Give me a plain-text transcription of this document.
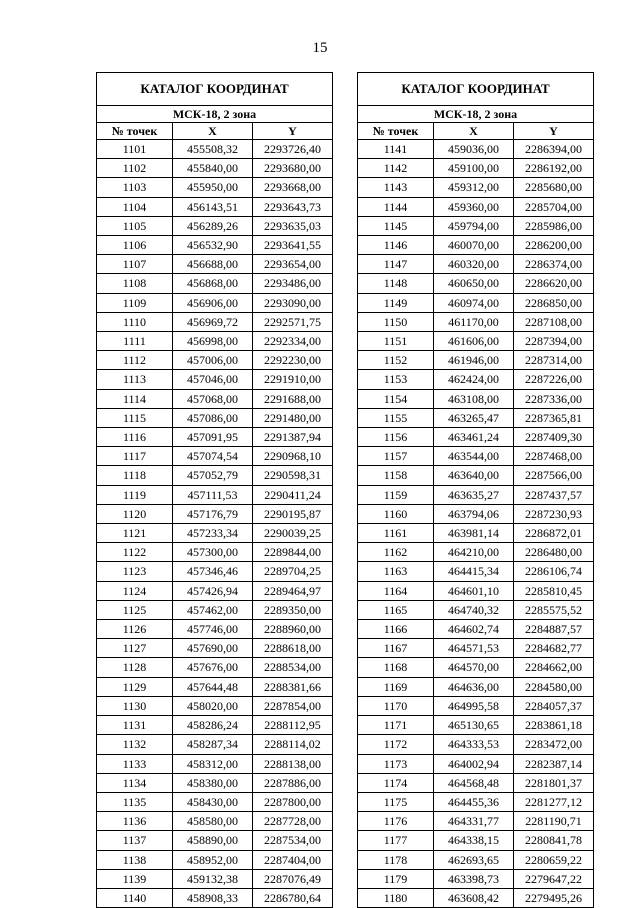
15
КАТАЛОГ КООРДИНАТ		
МСК-18, 2 зона		
№ точек	X	Y
1101	455508,32	2293726,40
1102	455840,00	2293680,00
1103	455950,00	2293668,00
1104	456143,51	2293643,73
1105	456289,26	2293635,03
1106	456532,90	2293641,55
1107	456688,00	2293654,00
1108	456868,00	2293486,00
1109	456906,00	2293090,00
1110	456969,72	2292571,75
1111	456998,00	2292334,00
1112	457006,00	2292230,00
1113	457046,00	2291910,00
1114	457068,00	2291688,00
1115	457086,00	2291480,00
1116	457091,95	2291387,94
1117	457074,54	2290968,10
1118	457052,79	2290598,31
1119	457111,53	2290411,24
1120	457176,79	2290195,87
1121	457233,34	2290039,25
1122	457300,00	2289844,00
1123	457346,46	2289704,25
1124	457426,94	2289464,97
1125	457462,00	2289350,00
1126	457746,00	2288960,00
1127	457690,00	2288618,00
1128	457676,00	2288534,00
1129	457644,48	2288381,66
1130	458020,00	2287854,00
1131	458286,24	2288112,95
1132	458287,34	2288114,02
1133	458312,00	2288138,00
1134	458380,00	2287886,00
1135	458430,00	2287800,00
1136	458580,00	2287728,00
1137	458890,00	2287534,00
1138	458952,00	2287404,00
1139	459132,38	2287076,49
1140	458908,33	2286780,64
КАТАЛОГ КООРДИНАТ		
МСК-18, 2 зона		
№ точек	X	Y
1141	459036,00	2286394,00
1142	459100,00	2286192,00
1143	459312,00	2285680,00
1144	459360,00	2285704,00
1145	459794,00	2285986,00
1146	460070,00	2286200,00
1147	460320,00	2286374,00
1148	460650,00	2286620,00
1149	460974,00	2286850,00
1150	461170,00	2287108,00
1151	461606,00	2287394,00
1152	461946,00	2287314,00
1153	462424,00	2287226,00
1154	463108,00	2287336,00
1155	463265,47	2287365,81
1156	463461,24	2287409,30
1157	463544,00	2287468,00
1158	463640,00	2287566,00
1159	463635,27	2287437,57
1160	463794,06	2287230,93
1161	463981,14	2286872,01
1162	464210,00	2286480,00
1163	464415,34	2286106,74
1164	464601,10	2285810,45
1165	464740,32	2285575,52
1166	464602,74	2284887,57
1167	464571,53	2284682,77
1168	464570,00	2284662,00
1169	464636,00	2284580,00
1170	464995,58	2284057,37
1171	465130,65	2283861,18
1172	464333,53	2283472,00
1173	464002,94	2282387,14
1174	464568,48	2281801,37
1175	464455,36	2281277,12
1176	464331,77	2281190,71
1177	464338,15	2280841,78
1178	462693,65	2280659,22
1179	463398,73	2279647,22
1180	463608,42	2279495,26
